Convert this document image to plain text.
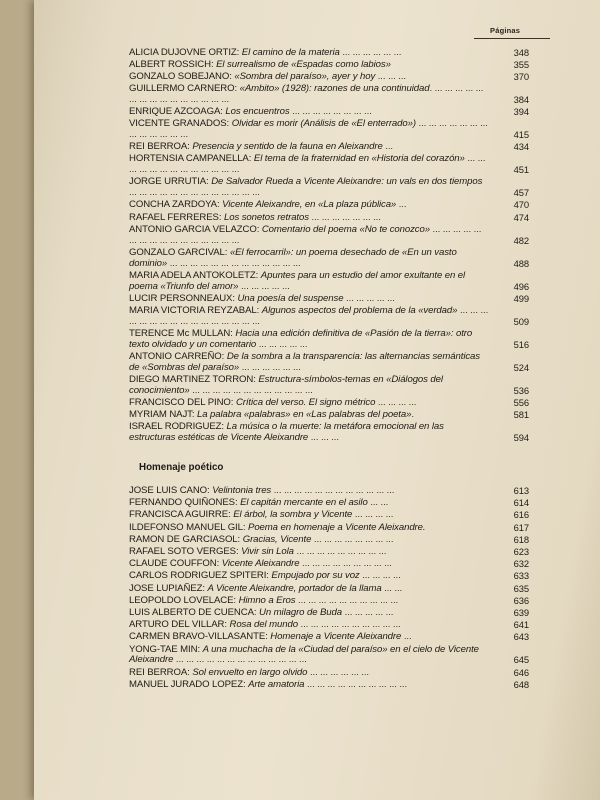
Páginas
ALICIA DUJOVNE ORTIZ: El camino de la materia ... ... ... ... ... ...	348
ALBERT ROSSICH: El surrealismo de «Espadas como labios»	355
GONZALO SOBEJANO: «Sombra del paraíso», ayer y hoy ... ... ...	370
GUILLERMO CARNERO: «Ambito» (1928): razones de una continuidad. ... ... ... ... ... ... ... ... ... ... ... ... ... ... ...	384
ENRIQUE AZCOAGA: Los encuentros ... ... ... ... ... ... ... ...	394
VICENTE GRANADOS: Olvidar es morir (Análisis de «El enterrado») ... ... ... ... ... ... ... ... ... ... ... ... ...	415
REI BERROA: Presencia y sentido de la fauna en Aleixandre ...	434
HORTENSIA CAMPANELLA: El tema de la fraternidad en «Historia del corazón» ... ... ... ... ... ... ... ... ... ... ... ... ...	451
JORGE URRUTIA: De Salvador Rueda a Vicente Aleixandre: un vals en dos tiempos ... ... ... ... ... ... ... ... ... ... ... ... ...	457
CONCHA ZARDOYA: Vicente Aleixandre, en «La plaza pública» ...	470
RAFAEL FERRERES: Los sonetos retratos ... ... ... ... ... ... ...	474
ANTONIO GARCIA VELAZCO: Comentario del poema «No te conozco» ... ... ... ... ... ... ... ... ... ... ... ... ... ... ... ...	482
GONZALO GARCIVAL: «El ferrocarril»: un poema desechado de «En un vasto dominio» ... ... ... ... ... ... ... ... ... ... ... ... ...	488
MARIA ADELA ANTOKOLETZ: Apuntes para un estudio del amor exultante en el poema «Triunfo del amor» ... ... ... ... ...	496
LUCIR PERSONNEAUX: Una poesía del suspense ... ... ... ... ...	499
MARIA VICTORIA REYZABAL: Algunos aspectos del problema de la «verdad» ... ... ... ... ... ... ... ... ... ... ... ... ... ... ... ...	509
TERENCE Mc MULLAN: Hacia una edición definitiva de «Pasión de la tierra»: otro texto olvidado y un comentario ... ... ... ... ...	516
ANTONIO CARREÑO: De la sombra a la transparencia: las alternancias semánticas de «Sombras del paraíso» ... ... ... ... ... ...	524
DIEGO MARTINEZ TORRON: Estructura-símbolos-temas en «Diálogos del conocimiento» ... ... ... ... ... ... ... ... ... ... ... ...	536
FRANCISCO DEL PINO: Crítica del verso. El signo métrico ... ... ... ...	556
MYRIAM NAJT: La palabra «palabras» en «Las palabras del poeta».	581
ISRAEL RODRIGUEZ: La música o la muerte: la metáfora emocional en las estructuras estéticas de Vicente Aleixandre ... ... ...	594
Homenaje poético
JOSE LUIS CANO: Velintonia tres ... ... ... ... ... ... ... ... ... ... ... ...	613
FERNANDO QUIÑONES: El capitán mercante en el asilo ... ...	614
FRANCISCA AGUIRRE: El árbol, la sombra y Vicente ... ... ... ...	616
ILDEFONSO MANUEL GIL: Poema en homenaje a Vicente Aleixandre.	617
RAMON DE GARCIASOL: Gracias, Vicente ... ... ... ... ... ... ... ...	618
RAFAEL SOTO VERGES: Vivir sin Lola ... ... ... ... ... ... ... ... ...	623
CLAUDE COUFFON: Vicente Aleixandre ... ... ... ... ... ... ... ... ...	632
CARLOS RODRIGUEZ SPITERI: Empujado por su voz ... ... ... ...	633
JOSE LUPIAÑEZ: A Vicente Aleixandre, portador de la llama ... ...	635
LEOPOLDO LOVELACE: Himno a Eros ... ... ... ... ... ... ... ... ... ...	636
LUIS ALBERTO DE CUENCA: Un milagro de Buda ... ... ... ... ...	639
ARTURO DEL VILLAR: Rosa del mundo ... ... ... ... ... ... ... ... ... ...	641
CARMEN BRAVO-VILLASANTE: Homenaje a Vicente Aleixandre ...	643
YONG-TAE MIN: A una muchacha de la «Ciudad del paraíso» en el cielo de Vicente Aleixandre ... ... ... ... ... ... ... ... ... ... ... ... ...	645
REI BERROA: Sol envuelto en largo olvido ... ... ... ... ... ...	646
MANUEL JURADO LOPEZ: Arte amatoria ... ... ... ... ... ... ... ... ... ...	648
